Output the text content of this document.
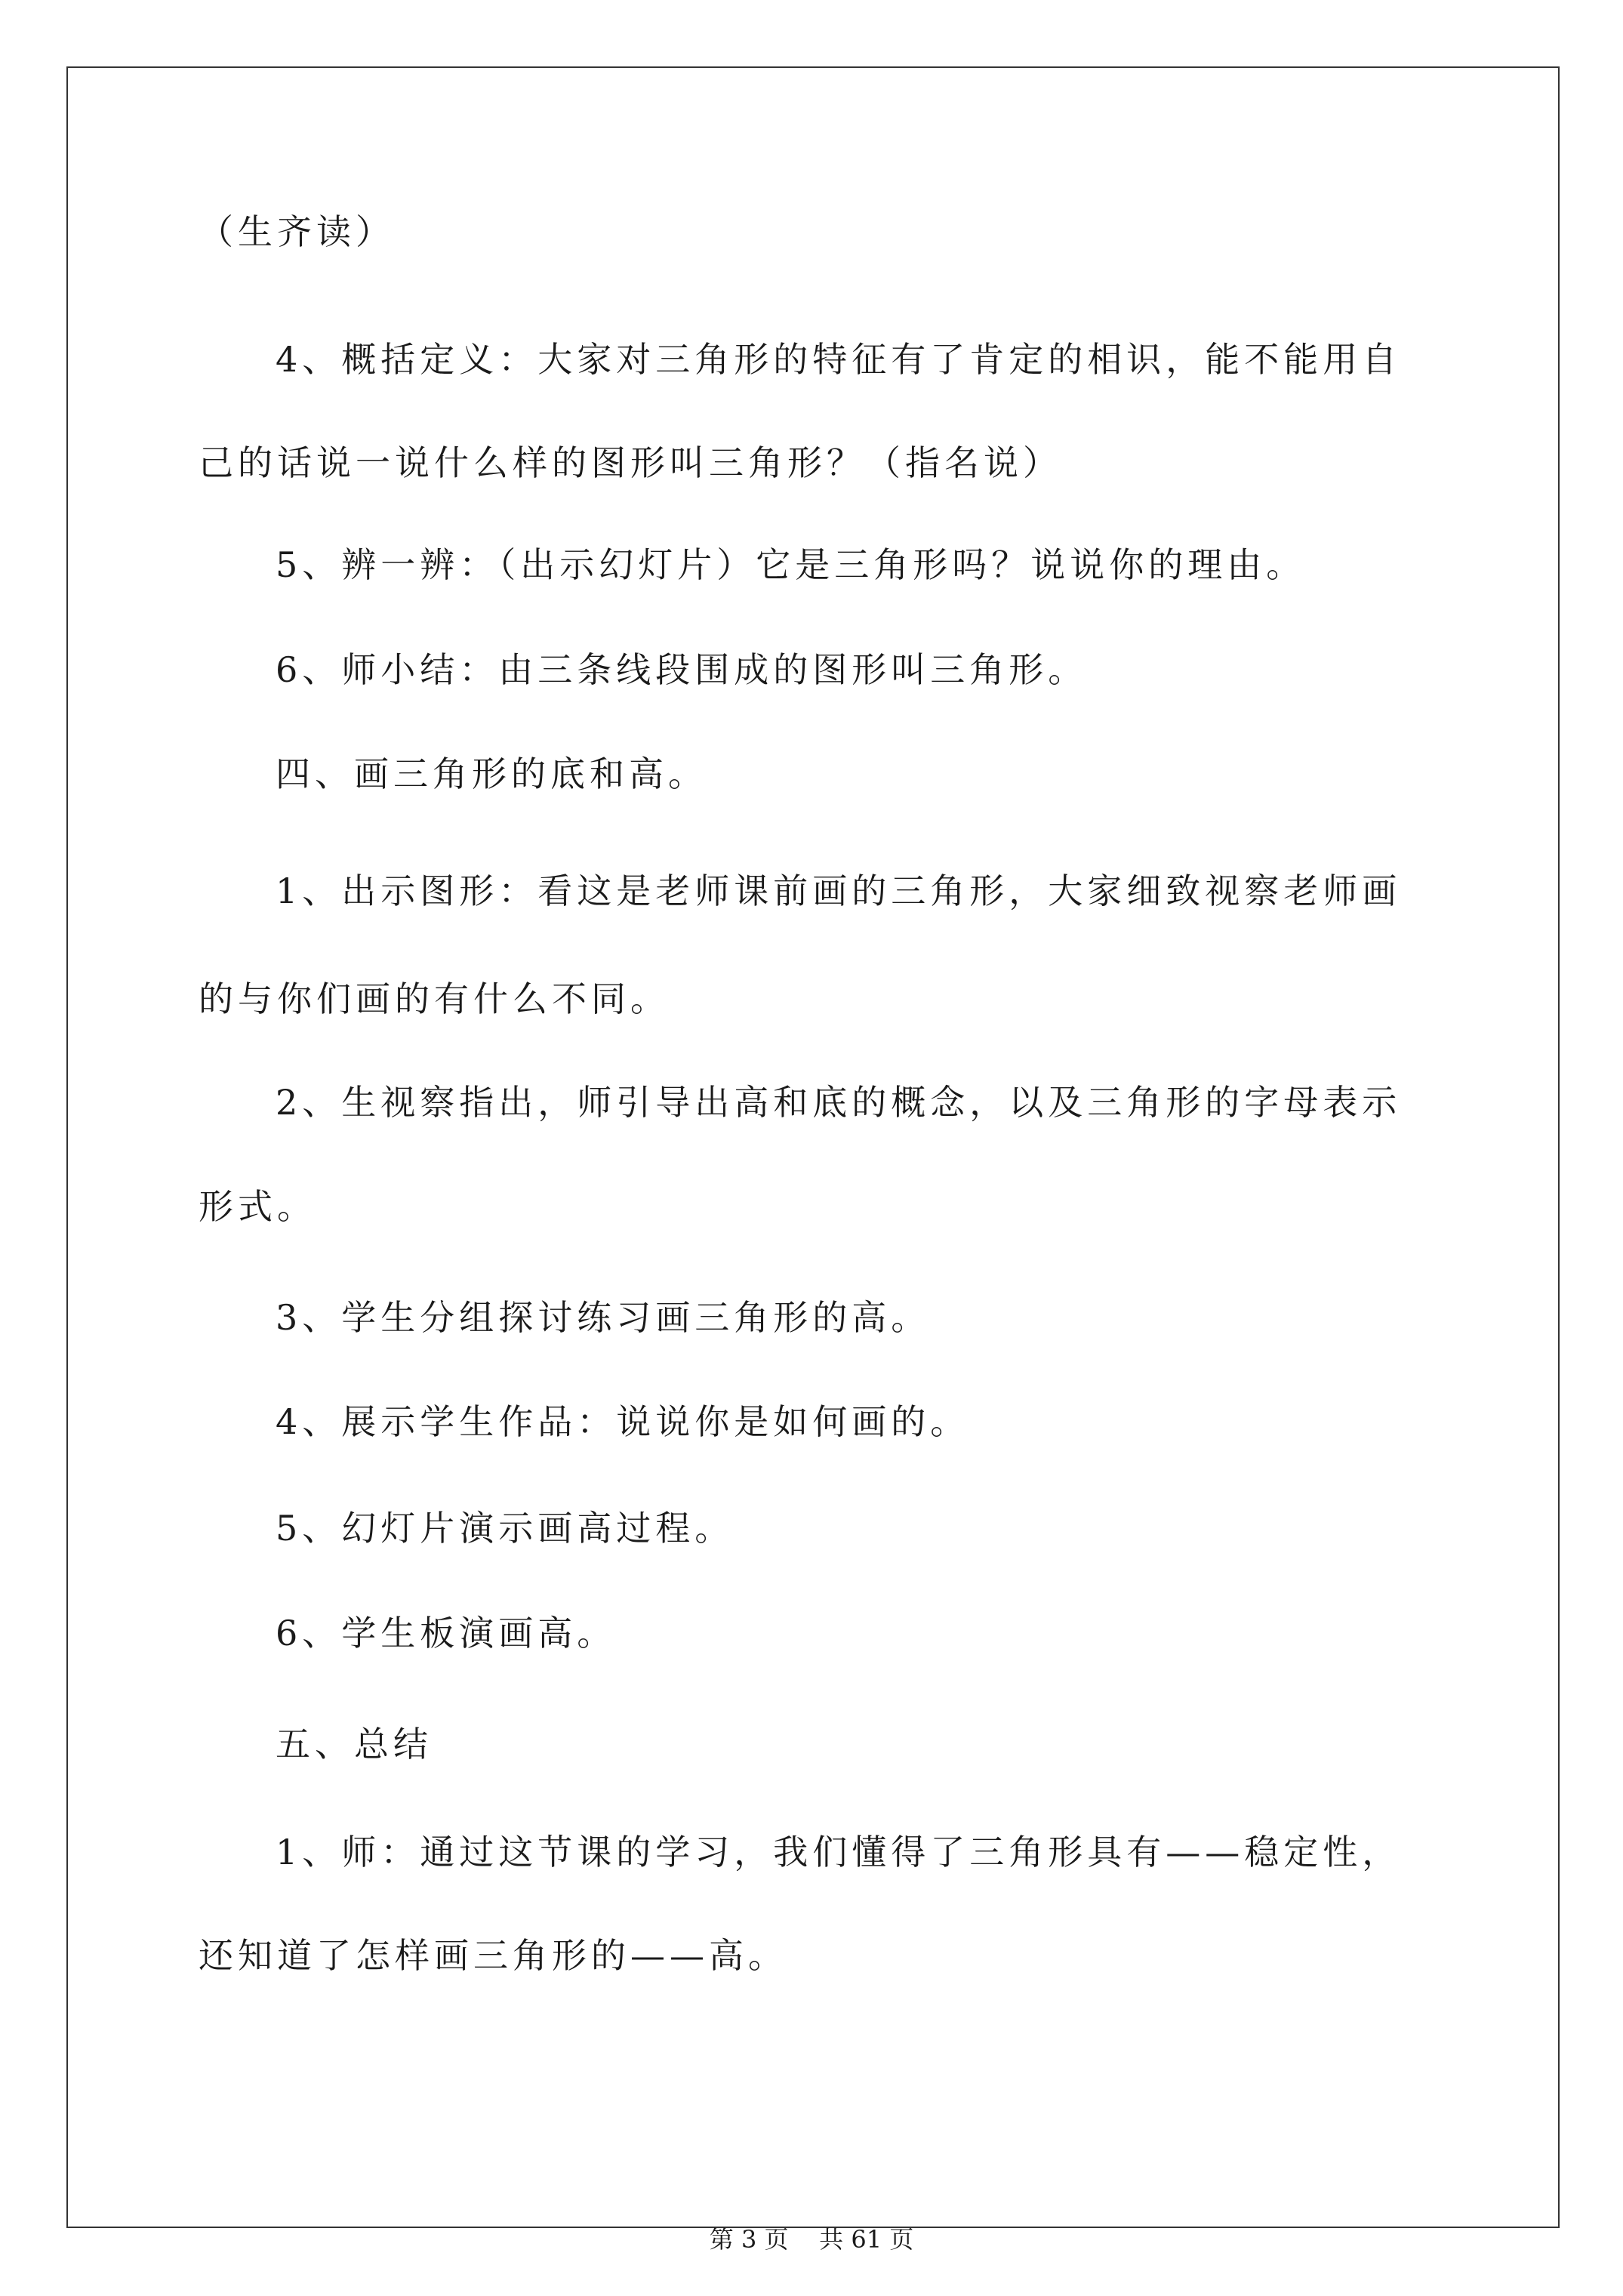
（生齐读）

4、概括定义：大家对三角形的特征有了肯定的相识，能不能用自

己的话说一说什么样的图形叫三角形？（指名说）

5、辨一辨：（出示幻灯片）它是三角形吗？说说你的理由。

6、师小结：由三条线段围成的图形叫三角形。

四、画三角形的底和高。

1、出示图形：看这是老师课前画的三角形，大家细致视察老师画

的与你们画的有什么不同。

2、生视察指出，师引导出高和底的概念，以及三角形的字母表示

形式。

3、学生分组探讨练习画三角形的高。

4、展示学生作品：说说你是如何画的。

5、幻灯片演示画高过程。

6、学生板演画高。

五、总结

1、师：通过这节课的学习，我们懂得了三角形具有——稳定性，

还知道了怎样画三角形的——高。

第 3 页    共 61 页
